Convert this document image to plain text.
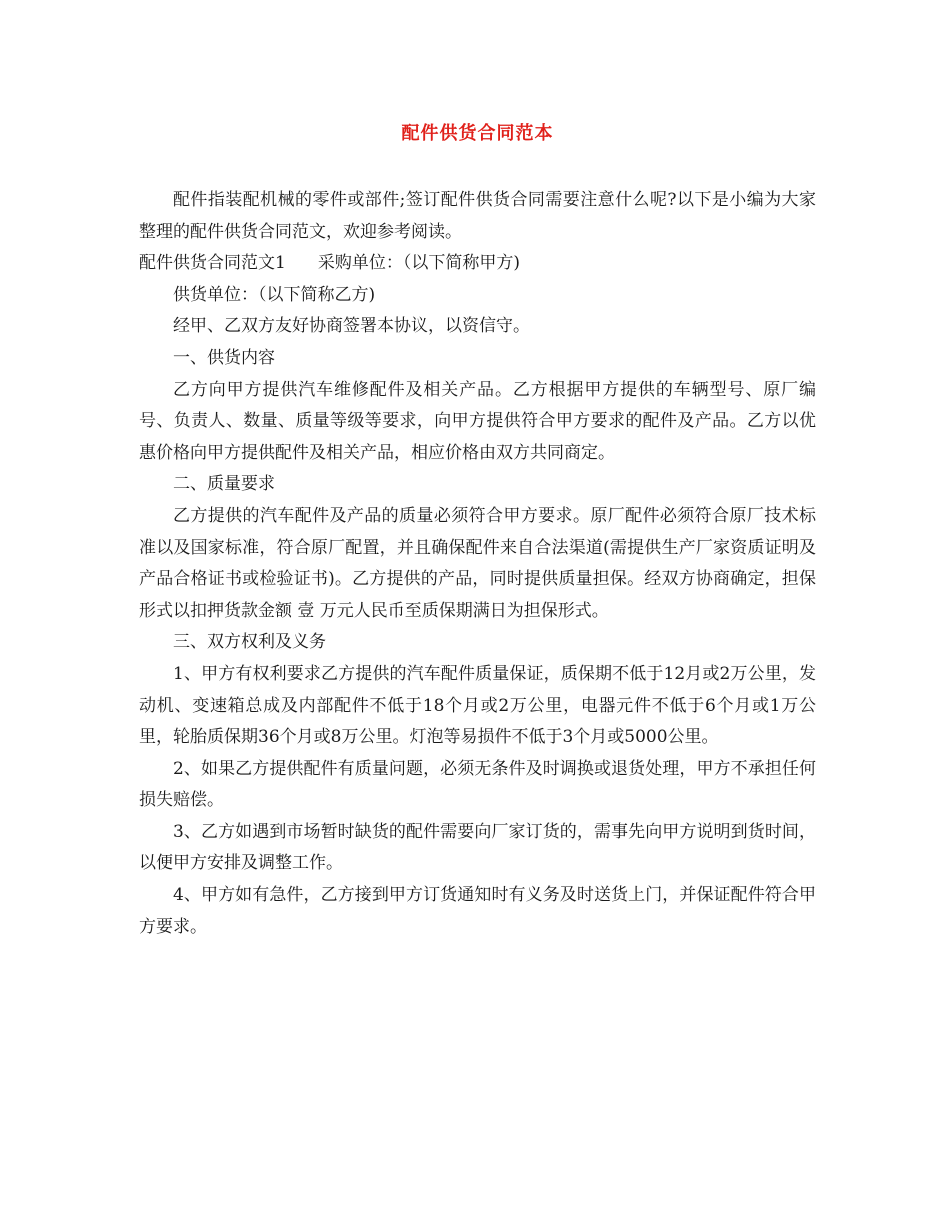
配件供货合同范本

配件指装配机械的零件或部件;签订配件供货合同需要注意什么呢?以下是小编为大家整理的配件供货合同范文，欢迎参考阅读。

配件供货合同范文1 采购单位：（以下简称甲方)

供货单位：（以下简称乙方)

经甲、乙双方友好协商签署本协议，以资信守。

一、供货内容

乙方向甲方提供汽车维修配件及相关产品。乙方根据甲方提供的车辆型号、原厂编号、负责人、数量、质量等级等要求，向甲方提供符合甲方要求的配件及产品。乙方以优惠价格向甲方提供配件及相关产品，相应价格由双方共同商定。

二、质量要求

乙方提供的汽车配件及产品的质量必须符合甲方要求。原厂配件必须符合原厂技术标准以及国家标准，符合原厂配置，并且确保配件来自合法渠道(需提供生产厂家资质证明及产品合格证书或检验证书)。乙方提供的产品，同时提供质量担保。经双方协商确定，担保形式以扣押货款金额 壹 万元人民币至质保期满日为担保形式。

三、双方权利及义务

1、甲方有权利要求乙方提供的汽车配件质量保证，质保期不低于12月或2万公里，发动机、变速箱总成及内部配件不低于18个月或2万公里，电器元件不低于6个月或1万公里，轮胎质保期36个月或8万公里。灯泡等易损件不低于3个月或5000公里。

2、如果乙方提供配件有质量问题，必须无条件及时调换或退货处理，甲方不承担任何损失赔偿。

3、乙方如遇到市场暂时缺货的配件需要向厂家订货的，需事先向甲方说明到货时间，以便甲方安排及调整工作。

4、甲方如有急件，乙方接到甲方订货通知时有义务及时送货上门，并保证配件符合甲方要求。
